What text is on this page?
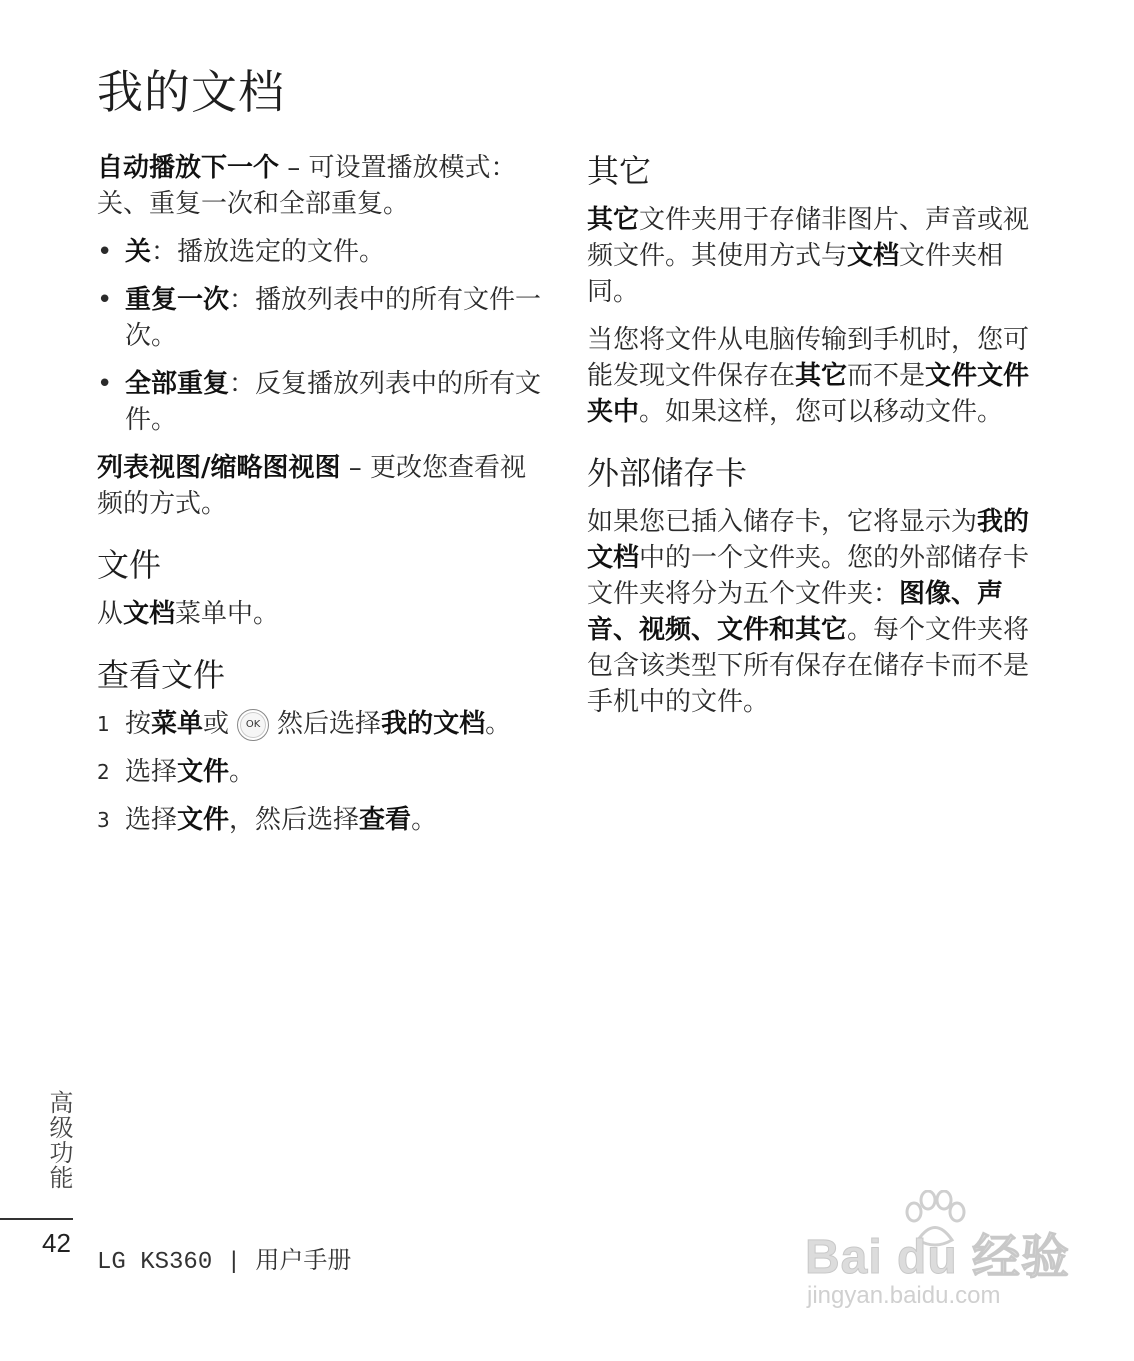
我的文档

自动播放下一个 – 可设置播放模式：关、重复一次和全部重复。

• 关：播放选定的文件。
• 重复一次：播放列表中的所有文件一次。
• 全部重复：反复播放列表中的所有文件。

列表视图/缩略图视图 – 更改您查看视频的方式。

文件

从文档菜单中。

查看文件
1 按菜单或 OK 然后选择我的文档。
2 选择文件。
3 选择文件，然后选择查看。
其它

其它文件夹用于存储非图片、声音或视频文件。其使用方式与文档文件夹相同。

当您将文件从电脑传输到手机时，您可能发现文件保存在其它而不是文件文件夹中。如果这样，您可以移动文件。

外部储存卡

如果您已插入储存卡，它将显示为我的文档中的一个文件夹。您的外部储存卡文件夹将分为五个文件夹：图像、声音、视频、文件和其它。每个文件夹将包含该类型下所有保存在储存卡而不是手机中的文件。

高级功能
42
LG KS360 | 用户手册	Bai du 经验
jingyan.baidu.com
